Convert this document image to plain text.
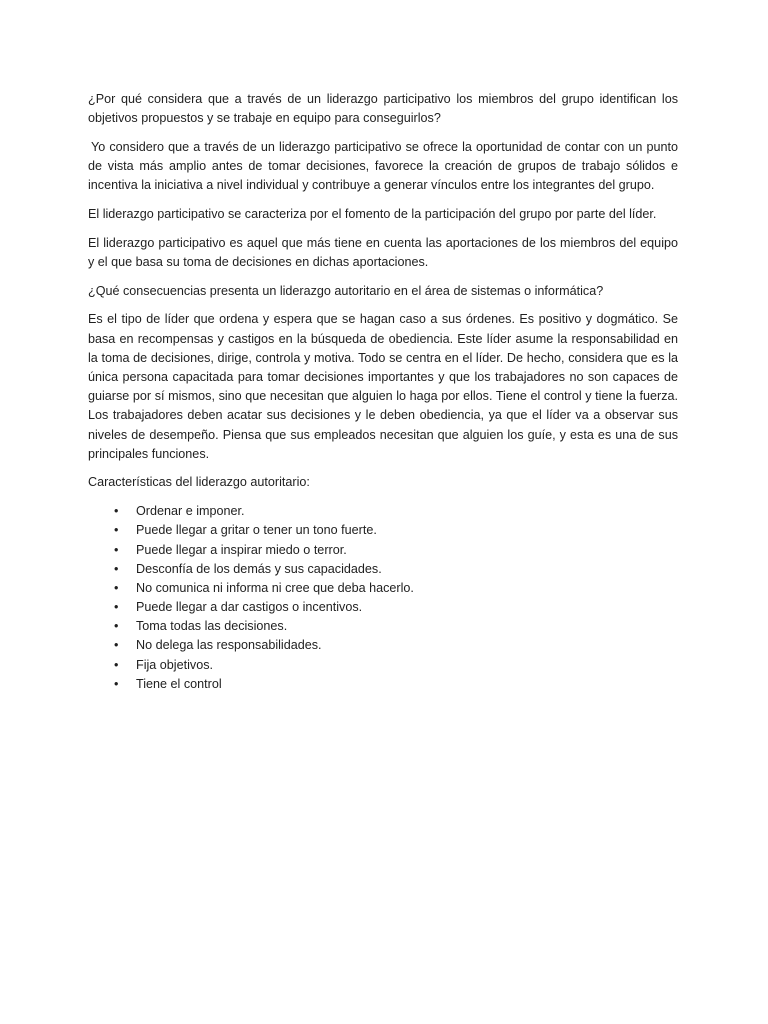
¿Por qué considera que a través de un liderazgo participativo los miembros del grupo identifican los objetivos propuestos y se trabaje en equipo para conseguirlos?

Yo considero que a través de un liderazgo participativo se ofrece la oportunidad de contar con un punto de vista más amplio antes de tomar decisiones, favorece la creación de grupos de trabajo sólidos e incentiva la iniciativa a nivel individual y contribuye a generar vínculos entre los integrantes del grupo.

El liderazgo participativo se caracteriza por el fomento de la participación del grupo por parte del líder.

El liderazgo participativo es aquel que más tiene en cuenta las aportaciones de los miembros del equipo y el que basa su toma de decisiones en dichas aportaciones.

¿Qué consecuencias presenta un liderazgo autoritario en el área de sistemas o informática?

Es el tipo de líder que ordena y espera que se hagan caso a sus órdenes. Es positivo y dogmático. Se basa en recompensas y castigos en la búsqueda de obediencia. Este líder asume la responsabilidad en la toma de decisiones, dirige, controla y motiva. Todo se centra en el líder. De hecho, considera que es la única persona capacitada para tomar decisiones importantes y que los trabajadores no son capaces de guiarse por sí mismos, sino que necesitan que alguien lo haga por ellos. Tiene el control y tiene la fuerza. Los trabajadores deben acatar sus decisiones y le deben obediencia, ya que el líder va a observar sus niveles de desempeño. Piensa que sus empleados necesitan que alguien los guíe, y esta es una de sus principales funciones.

Características del liderazgo autoritario:

•	Ordenar e imponer.
•	Puede llegar a gritar o tener un tono fuerte.
•	Puede llegar a inspirar miedo o terror.
•	Desconfía de los demás y sus capacidades.
•	No comunica ni informa ni cree que deba hacerlo.
•	Puede llegar a dar castigos o incentivos.
•	Toma todas las decisiones.
•	No delega las responsabilidades.
•	Fija objetivos.
•	Tiene el control
